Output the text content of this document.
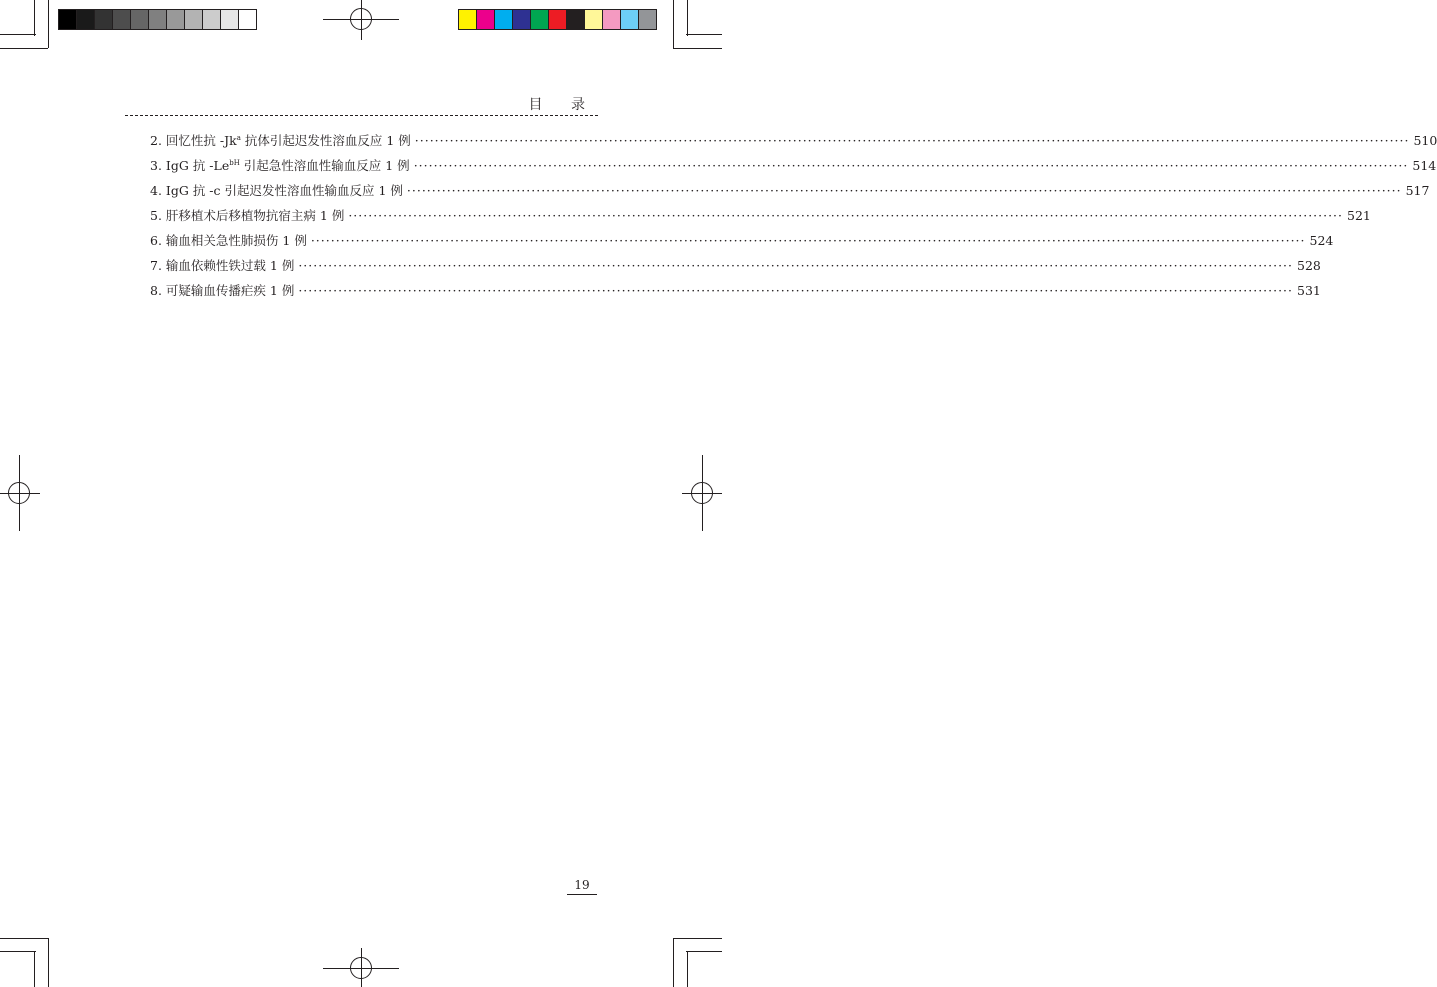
目 录
2. 回忆性抗 -Jk$^a$ 抗体引起迟发性溶血反应 1 例 ········································································································································································································ 510
3. IgG 抗 $-Le^{bH}$ 引起急性溶血性输血反应 1 例 ········································································································································································································ 514
4. IgG 抗 -c 引起迟发性溶血性输血反应 1 例 ········································································································································································································ 517
5. 肝移植术后移植物抗宿主病 1 例 ········································································································································································································ 521
6. 输血相关急性肺损伤 1 例 ········································································································································································································ 524
7. 输血依赖性铁过载 1 例 ········································································································································································································ 528
8. 可疑输血传播疟疾 1 例 ········································································································································································································ 531
19
